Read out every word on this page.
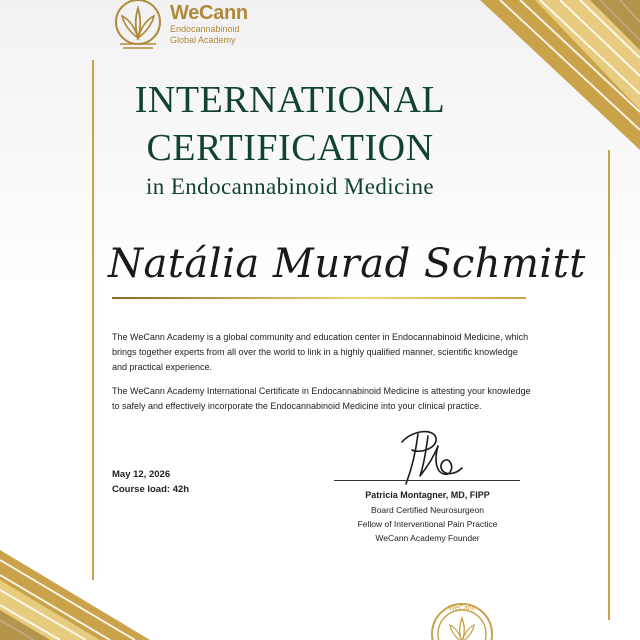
WeCann
Endocannabinoid
Global Academy
INTERNATIONAL
CERTIFICATION
in Endocannabinoid Medicine
Natália Murad Schmitt
The WeCann Academy is a global community and education center in Endocannabinoid Medicine, which brings together experts from all over the world to link in a highly qualified manner, scientific knowledge and practical experience.
The WeCann Academy International Certificate in Endocannabinoid Medicine is attesting your knowledge to safely and effectively incorporate the Endocannabinoid Medicine into your clinical practice.
May 12, 2026
Course load: 42h	Patricia Montagner, MD, FIPP
Board Certified Neurosurgeon
Fellow of Interventional Pain Practice
WeCann Academy Founder
WeCann
